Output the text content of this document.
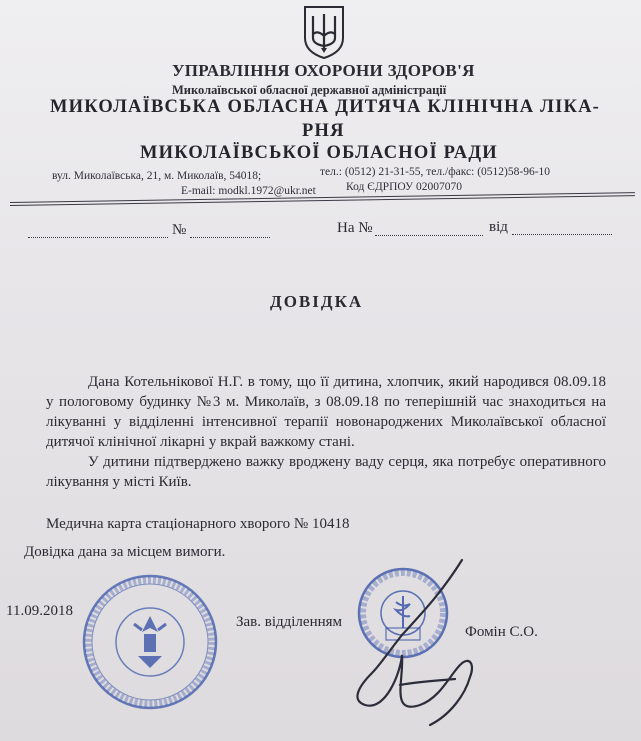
УПРАВЛІННЯ ОХОРОНИ ЗДОРОВ'Я
Миколаївської обласної державної адміністрації
МИКОЛАЇВСЬКА ОБЛАСНА ДИТЯЧА КЛІНІЧНА ЛІКА-
РНЯ
МИКОЛАЇВСЬКОЇ ОБЛАСНОЇ РАДИ
вул. Миколаївська, 21, м. Миколаїв, 54018;	тел.: (0512) 21-31-55, тел./факс: (0512)58-96-10
E-mail: modkl.1972@ukr.net	Код ЄДРПОУ 02007070
№	На №	від
ДОВІДКА
Дана Котельнікової Н.Г. в тому, що її дитина, хлопчик, який народився 08.09.18 у пологовому будинку №3 м. Миколаїв, з 08.09.18 по теперішній час знаходиться на лікуванні у відділенні інтенсивної терапії новонароджених Миколаївської обласної дитячої клінічної лікарні у вкрай важкому стані.
У дитини підтверджено важку вроджену ваду серця, яка потребує оперативного лікування у місті Київ.
Медична карта стаціонарного хворого № 10418
Довідка дана за місцем вимоги.
11.09.2018
Зав. відділенням
Фомін С.О.
